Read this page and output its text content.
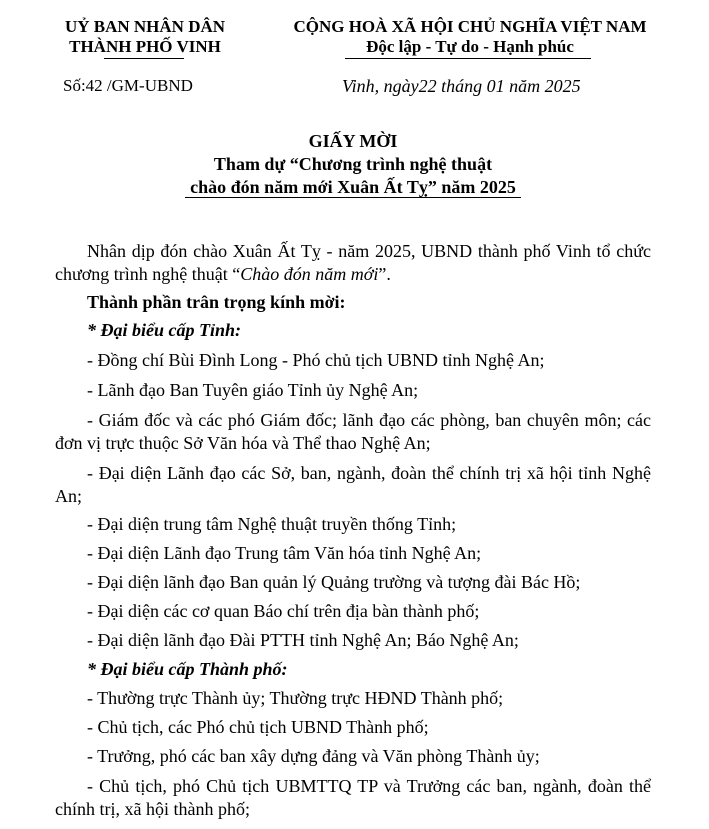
UỶ BAN NHÂN DÂN
THÀNH PHỐ VINH
CỘNG HOÀ XÃ HỘI CHỦ NGHĨA VIỆT NAM
Độc lập - Tự do - Hạnh phúc
Số:42 /GM-UBND	Vinh, ngày22 tháng 01 năm 2025
GIẤY MỜI
Tham dự “Chương trình nghệ thuật
chào đón năm mới Xuân Ất Tỵ” năm 2025
Nhân dịp đón chào Xuân Ất Tỵ - năm 2025, UBND thành phố Vinh tổ chức chương trình nghệ thuật “Chào đón năm mới”.
Thành phần trân trọng kính mời:
* Đại biểu cấp Tỉnh:
- Đồng chí Bùi Đình Long - Phó chủ tịch UBND tỉnh Nghệ An;
- Lãnh đạo Ban Tuyên giáo Tỉnh ủy Nghệ An;
- Giám đốc và các phó Giám đốc; lãnh đạo các phòng, ban chuyên môn; các đơn vị trực thuộc Sở Văn hóa và Thể thao Nghệ An;
- Đại diện Lãnh đạo các Sở, ban, ngành, đoàn thể chính trị xã hội tỉnh Nghệ An;
- Đại diện trung tâm Nghệ thuật truyền thống Tỉnh;
- Đại diện Lãnh đạo Trung tâm Văn hóa tỉnh Nghệ An;
- Đại diện lãnh đạo Ban quản lý Quảng trường và tượng đài Bác Hồ;
- Đại diện các cơ quan Báo chí trên địa bàn thành phố;
- Đại diện lãnh đạo Đài PTTH tỉnh Nghệ An; Báo Nghệ An;
* Đại biểu cấp Thành phố:
- Thường trực Thành ủy; Thường trực HĐND Thành phố;
- Chủ tịch, các Phó chủ tịch UBND Thành phố;
- Trưởng, phó các ban xây dựng đảng và Văn phòng Thành ủy;
- Chủ tịch, phó Chủ tịch UBMTTQ TP và Trưởng các ban, ngành, đoàn thể chính trị, xã hội thành phố;
